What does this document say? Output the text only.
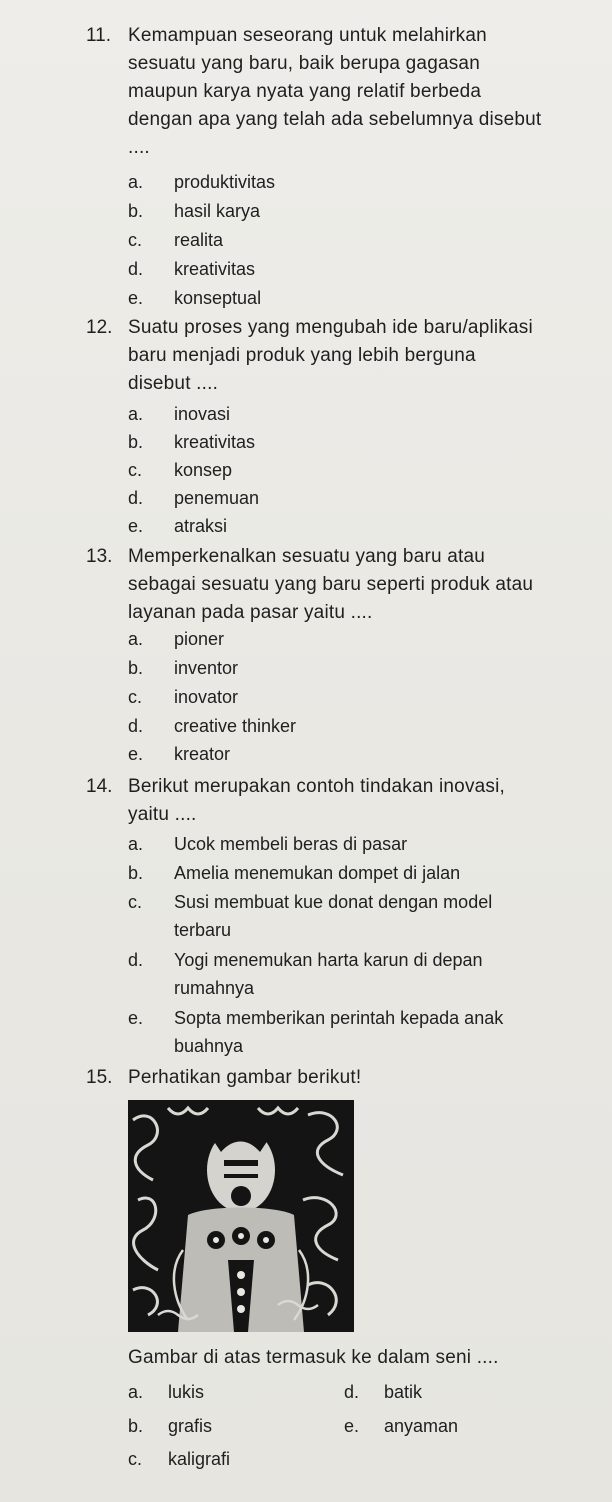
11. Kemampuan seseorang untuk melahirkan
sesuatu yang baru, baik berupa gagasan
maupun karya nyata yang relatif berbeda
dengan apa yang telah ada sebelumnya disebut
....
a. produktivitas
b. hasil karya
c. realita
d. kreativitas
e. konseptual
12. Suatu proses yang mengubah ide baru/aplikasi
baru menjadi produk yang lebih berguna
disebut ....
a. inovasi
b. kreativitas
c. konsep
d. penemuan
e. atraksi
13. Memperkenalkan sesuatu yang baru atau
sebagai sesuatu yang baru seperti produk atau
layanan pada pasar yaitu ....
a. pioner
b. inventor
c. inovator
d. creative thinker
e. kreator
14. Berikut merupakan contoh tindakan inovasi,
yaitu ....
a. Ucok membeli beras di pasar
b. Amelia menemukan dompet di jalan
c. Susi membuat kue donat dengan model
terbaru
d. Yogi menemukan harta karun di depan
rumahnya
e. Sopta memberikan perintah kepada anak
buahnya
15. Perhatikan gambar berikut!
Gambar di atas termasuk ke dalam seni ....
a. lukis
b. grafis
c. kaligrafi
d. batik
e. anyaman
